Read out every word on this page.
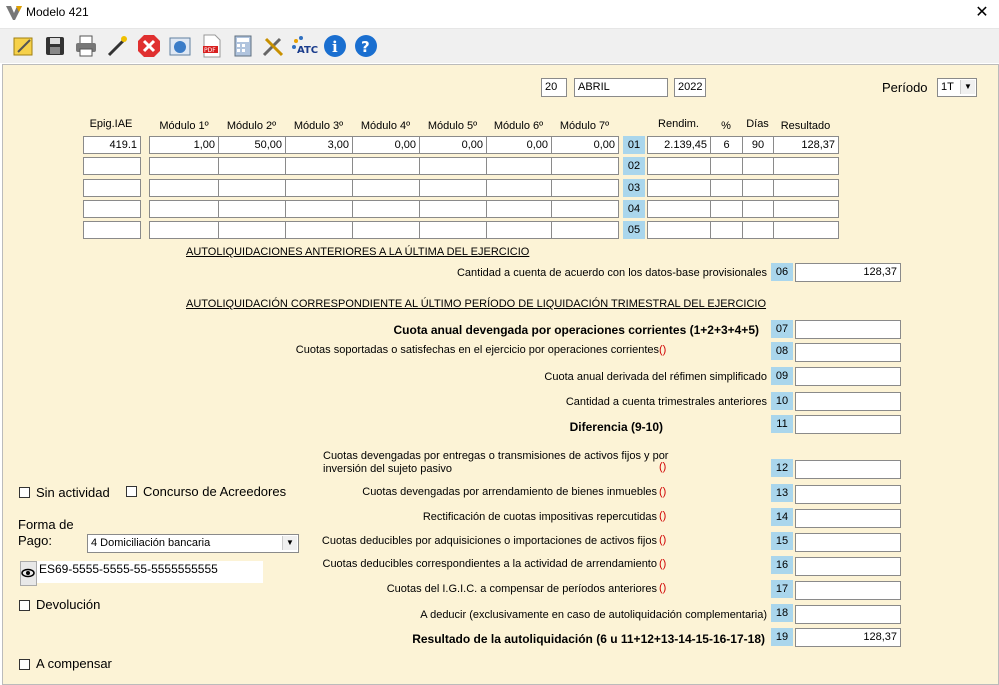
Modelo 421	✕
PDF	ATC i ?
20	ABRIL	2022	Período	1T	▼
Epig.IAE	Módulo 1º	Módulo 2º	Módulo 3º	Módulo 4º	Módulo 5º	Módulo 6º	Módulo 7º	Rendim.	%	Días	Resultado
419.1	1,00	50,00	3,00	0,00	0,00	0,00	0,00	01	2.139,45	6	90	128,37
02
03
04
05
AUTOLIQUIDACIONES ANTERIORES A LA ÚLTIMA DEL EJERCICIO
Cantidad a cuenta de acuerdo con los datos-base provisionales 06	128,37
AUTOLIQUIDACIÓN CORRESPONDIENTE AL ÚLTIMO PERÍODO DE LIQUIDACIÓN TRIMESTRAL DEL EJERCICIO
Cuota anual devengada por operaciones corrientes (1+2+3+4+5)	07
Cuotas soportadas o satisfechas en el ejercicio por operaciones corrientes ()	08
Cuota anual derivada del réfimen simplificado 09
Cantidad a cuenta trimestrales anteriores 10
Diferencia (9-10)	11
Cuotas devengadas por entregas o transmisiones de activos fijos y por
inversión del sujeto pasivo	()	12
Cuotas devengadas por arrendamiento de bienes inmuebles ()	13
Rectificación de cuotas impositivas repercutidas ()	14
Cuotas deducibles por adquisiciones o importaciones de activos fijos ()	15
Cuotas deducibles correspondientes a la actividad de arrendamiento ()	16
Cuotas del I.G.I.C. a compensar de períodos anteriores ()	17
A deducir (exclusivamente en caso de autoliquidación complementaria) 18
Resultado de la autoliquidación (6 u 11+12+13-14-15-16-17-18) 19	128,37
Sin actividad	Concurso de Acreedores
Forma de
Pago:	4 Domiciliación bancaria	▼
ES69-5555-5555-55-5555555555
Devolución
A compensar
